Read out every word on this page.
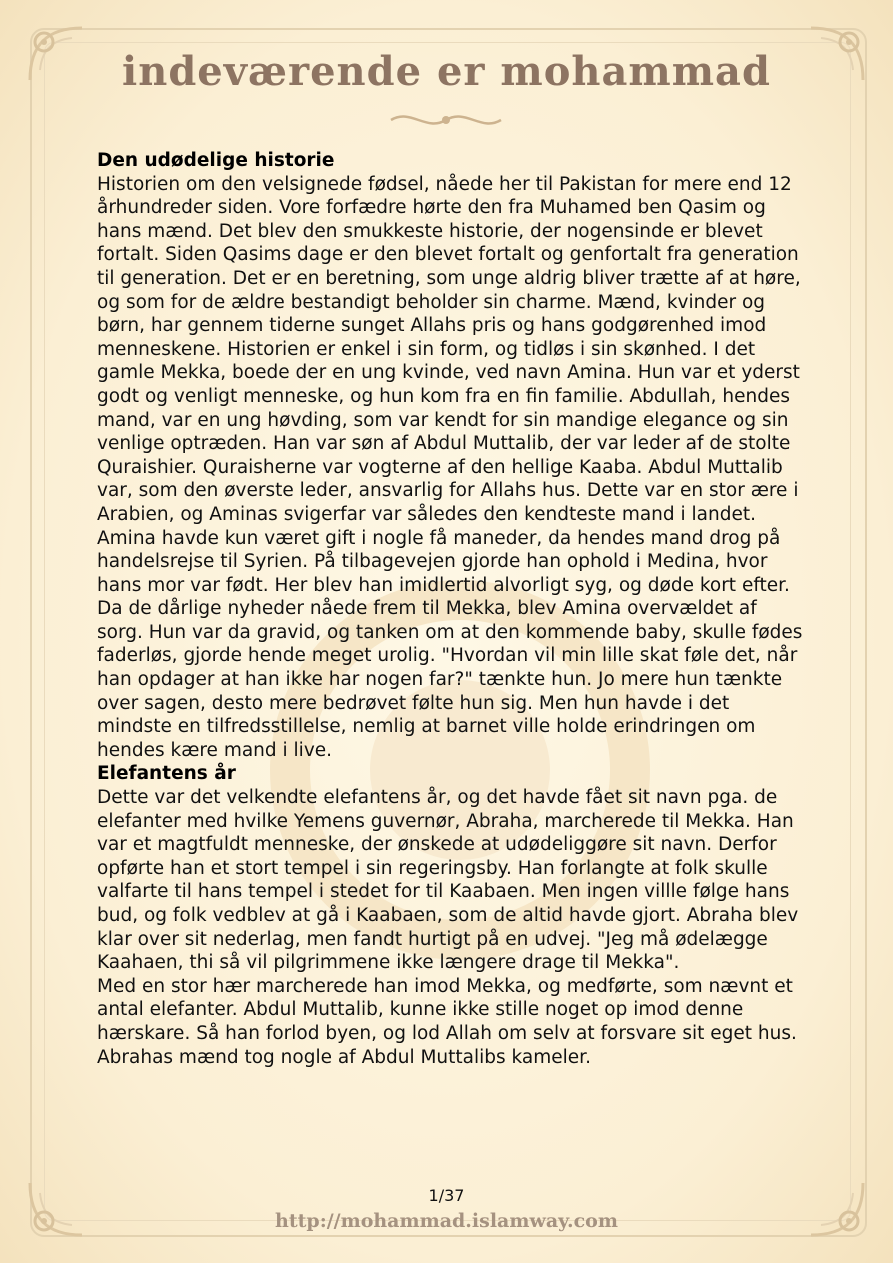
indeværende er mohammad
Den udødelige historie

Historien om den velsignede fødsel, nåede her til Pakistan for mere end 12 århundreder siden. Vore forfædre hørte den fra Muhamed ben Qasim og hans mænd. Det blev den smukkeste historie, der nogensinde er blevet fortalt. Siden Qasims dage er den blevet fortalt og genfortalt fra generation til generation. Det er en beretning, som unge aldrig bliver trætte af at høre, og som for de ældre bestandigt beholder sin charme. Mænd, kvinder og børn, har gennem tiderne sunget Allahs pris og hans godgørenhed imod menneskene. Historien er enkel i sin form, og tidløs i sin skønhed. I det gamle Mekka, boede der en ung kvinde, ved navn Amina. Hun var et yderst godt og venligt menneske, og hun kom fra en fin familie. Abdullah, hendes mand, var en ung høvding, som var kendt for sin mandige elegance og sin venlige optræden. Han var søn af Abdul Muttalib, der var leder af de stolte Quraishier. Quraisherne var vogterne af den hellige Kaaba. Abdul Muttalib var, som den øverste leder, ansvarlig for Allahs hus. Dette var en stor ære i Arabien, og Aminas svigerfar var således den kendteste mand i landet. Amina havde kun været gift i nogle få maneder, da hendes mand drog på handelsrejse til Syrien. På tilbagevejen gjorde han ophold i Medina, hvor hans mor var født. Her blev han imidlertid alvorligt syg, og døde kort efter. Da de dårlige nyheder nåede frem til Mekka, blev Amina overvældet af sorg. Hun var da gravid, og tanken om at den kommende baby, skulle fødes faderløs, gjorde hende meget urolig. "Hvordan vil min lille skat føle det, når han opdager at han ikke har nogen far?" tænkte hun. Jo mere hun tænkte over sagen, desto mere bedrøvet følte hun sig. Men hun havde i det mindste en tilfredsstillelse, nemlig at barnet ville holde erindringen om hendes kære mand i live.

Elefantens år

Dette var det velkendte elefantens år, og det havde fået sit navn pga. de elefanter med hvilke Yemens guvernør, Abraha, marcherede til Mekka. Han var et magtfuldt menneske, der ønskede at udødeliggøre sit navn. Derfor opførte han et stort tempel i sin regeringsby. Han forlangte at folk skulle valfarte til hans tempel i stedet for til Kaabaen. Men ingen villle følge hans bud, og folk vedblev at gå i Kaabaen, som de altid havde gjort. Abraha blev klar over sit nederlag, men fandt hurtigt på en udvej. "Jeg må ødelægge Kaahaen, thi så vil pilgrimmene ikke længere drage til Mekka".

Med en stor hær marcherede han imod Mekka, og medførte, som nævnt et antal elefanter. Abdul Muttalib, kunne ikke stille noget op imod denne hærskare. Så han forlod byen, og lod Allah om selv at forsvare sit eget hus.

Abrahas mænd tog nogle af Abdul Muttalibs kameler.

1/37
http://mohammad.islamway.com
